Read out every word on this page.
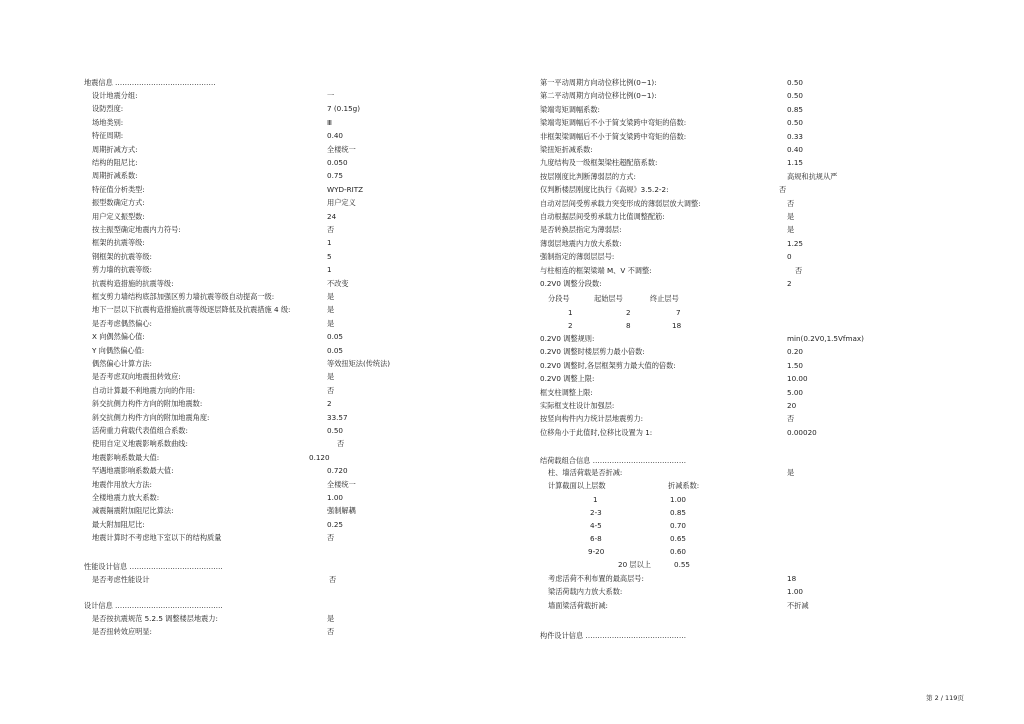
地震信息 ……………………………………
设计地震分组:	一
设防烈度:	7 (0.15g)
场地类别:	Ⅲ
特征周期:	0.40
周期折减方式:	全楼统一
结构的阻尼比:	0.050
周期折减系数:	0.75
特征值分析类型:	WYD-RITZ
振型数确定方式:	用户定义
用户定义振型数:	24
按主振型确定地震内力符号:	否
框架的抗震等级:	1
钢框架的抗震等级:	5
剪力墙的抗震等级:	1
抗震构造措施的抗震等级:	不改变
框支剪力墙结构底部加强区剪力墙抗震等级自动提高一级:	是
地下一层以下抗震构造措施抗震等级逐层降低及抗震措施 4 级:	是
是否考虑偶然偏心:	是
X 向偶然偏心值:	0.05
Y 向偶然偏心值:	0.05
偶然偏心计算方法:	等效扭矩法(传统法)
是否考虑双向地震扭转效应:	是
自动计算最不利地震方向的作用:	否
斜交抗侧力构件方向的附加地震数:	2
斜交抗侧力构件方向的附加地震角度:	33.57
活荷重力荷载代表值组合系数:	0.50
使用自定义地震影响系数曲线:	否
地震影响系数最大值:	0.120
罕遇地震影响系数最大值:	0.720
地震作用放大方法:	全楼统一
全楼地震力放大系数:	1.00
减震隔震附加阻尼比算法:	强制解耦
最大附加阻尼比:	0.25
地震计算时不考虑地下室以下的结构质量	否
性能设计信息 …………………………………
是否考虑性能设计	否
设计信息 ………………………………………
是否按抗震规范 5.2.5 调整楼层地震力:	是
是否扭转效应明显:	否
第一平动周期方向动位移比例(0~1):	0.50
第二平动周期方向动位移比例(0~1):	0.50
梁端弯矩调幅系数:	0.85
梁端弯矩调幅后不小于简支梁跨中弯矩的倍数:	0.50
非框架梁调幅后不小于简支梁跨中弯矩的倍数:	0.33
梁扭矩折减系数:	0.40
九度结构及一级框架梁柱超配筋系数:	1.15
按层刚度比判断薄弱层的方式:	高规和抗规从严
仅判断楼层刚度比执行《高规》3.5.2-2:	否
自动对层间受剪承载力突变形成的薄弱层放大调整:	否
自动根据层间受剪承载力比值调整配筋:	是
是否转换层指定为薄弱层:	是
薄弱层地震内力放大系数:	1.25
强制指定的薄弱层层号:	0
与柱相连的框架梁端 M、V 不调整:	否
0.2V0 调整分段数:	2
分段号	起始层号	终止层号
1	2	7
2	8	18
0.2V0 调整规则:	min(0.2V0,1.5Vfmax)
0.2V0 调整时楼层剪力最小倍数:	0.20
0.2V0 调整时,各层框架剪力最大值的倍数:	1.50
0.2V0 调整上限:	10.00
框支柱调整上限:	5.00
实际框支柱设计加强层:	20
按竖向构件内力统计层地震剪力:	否
位移角小于此值时,位移比设置为 1:	0.00020
结荷载组合信息 …………………………………
柱、墙活荷载是否折减:	是
计算截面以上层数	折减系数:
1	1.00
2-3	0.85
4-5	0.70
6-8	0.65
9-20	0.60
20 层以上	0.55
考虑活荷不利布置的最高层号:	18
梁活荷载内力放大系数:	1.00
墙面梁活荷载折减:	不折减
构件设计信息 ……………………………………
第 2 / 119页
